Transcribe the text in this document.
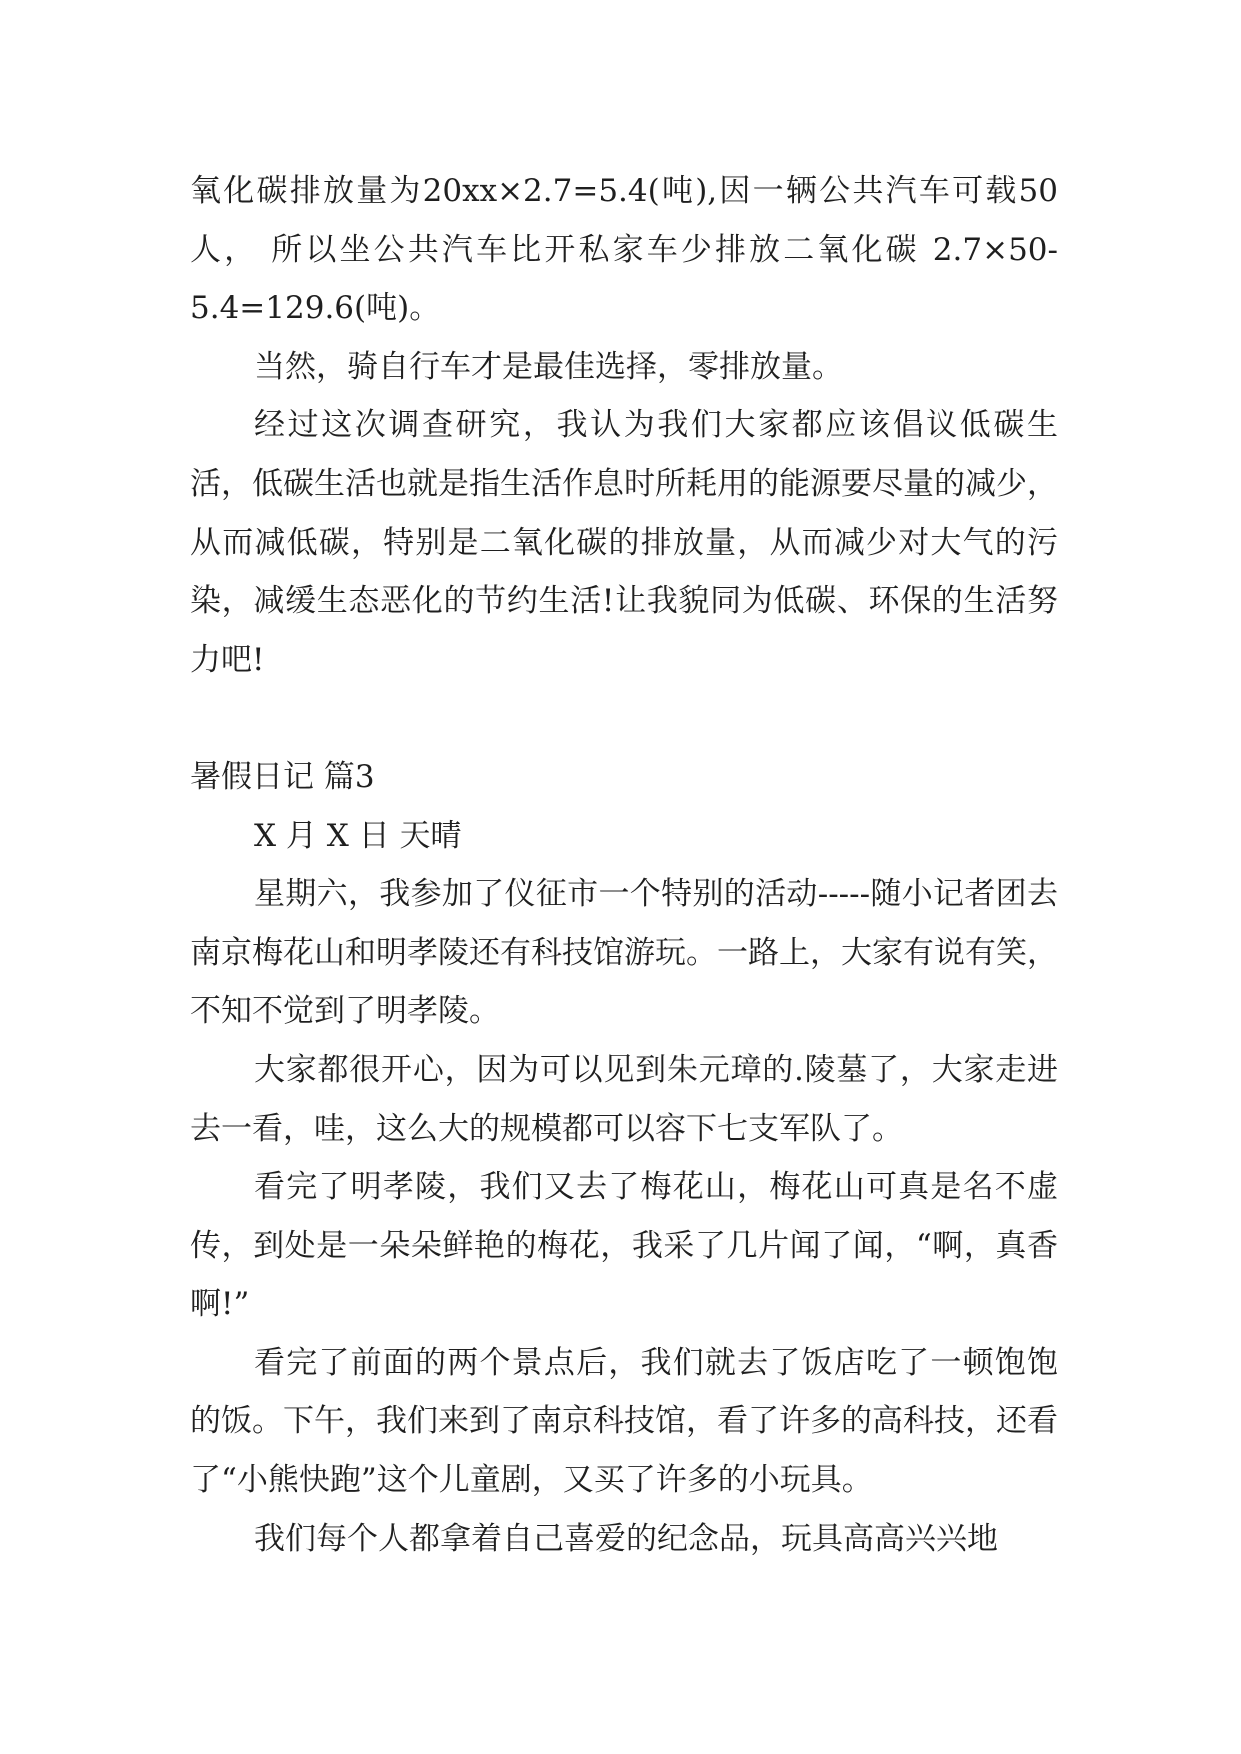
氧化碳排放量为20xx×2.7=5.4(吨),因一辆公共汽车可载50人， 所以坐公共汽车比开私家车少排放二氧化碳 2.7×50-5.4=129.6(吨)。

当然，骑自行车才是最佳选择，零排放量。

经过这次调查研究，我认为我们大家都应该倡议低碳生活，低碳生活也就是指生活作息时所耗用的能源要尽量的减少，从而减低碳，特别是二氧化碳的排放量，从而减少对大气的污染，减缓生态恶化的节约生活!让我貌同为低碳、环保的生活努力吧!

暑假日记 篇3

X 月 X 日 天晴

星期六，我参加了仪征市一个特别的活动-----随小记者团去南京梅花山和明孝陵还有科技馆游玩。一路上，大家有说有笑，不知不觉到了明孝陵。

大家都很开心，因为可以见到朱元璋的.陵墓了，大家走进去一看，哇，这么大的规模都可以容下七支军队了。

看完了明孝陵，我们又去了梅花山，梅花山可真是名不虚传，到处是一朵朵鲜艳的梅花，我采了几片闻了闻，“啊，真香啊!”

看完了前面的两个景点后，我们就去了饭店吃了一顿饱饱的饭。下午，我们来到了南京科技馆，看了许多的高科技，还看了“小熊快跑”这个儿童剧，又买了许多的小玩具。

我们每个人都拿着自己喜爱的纪念品，玩具高高兴兴地
